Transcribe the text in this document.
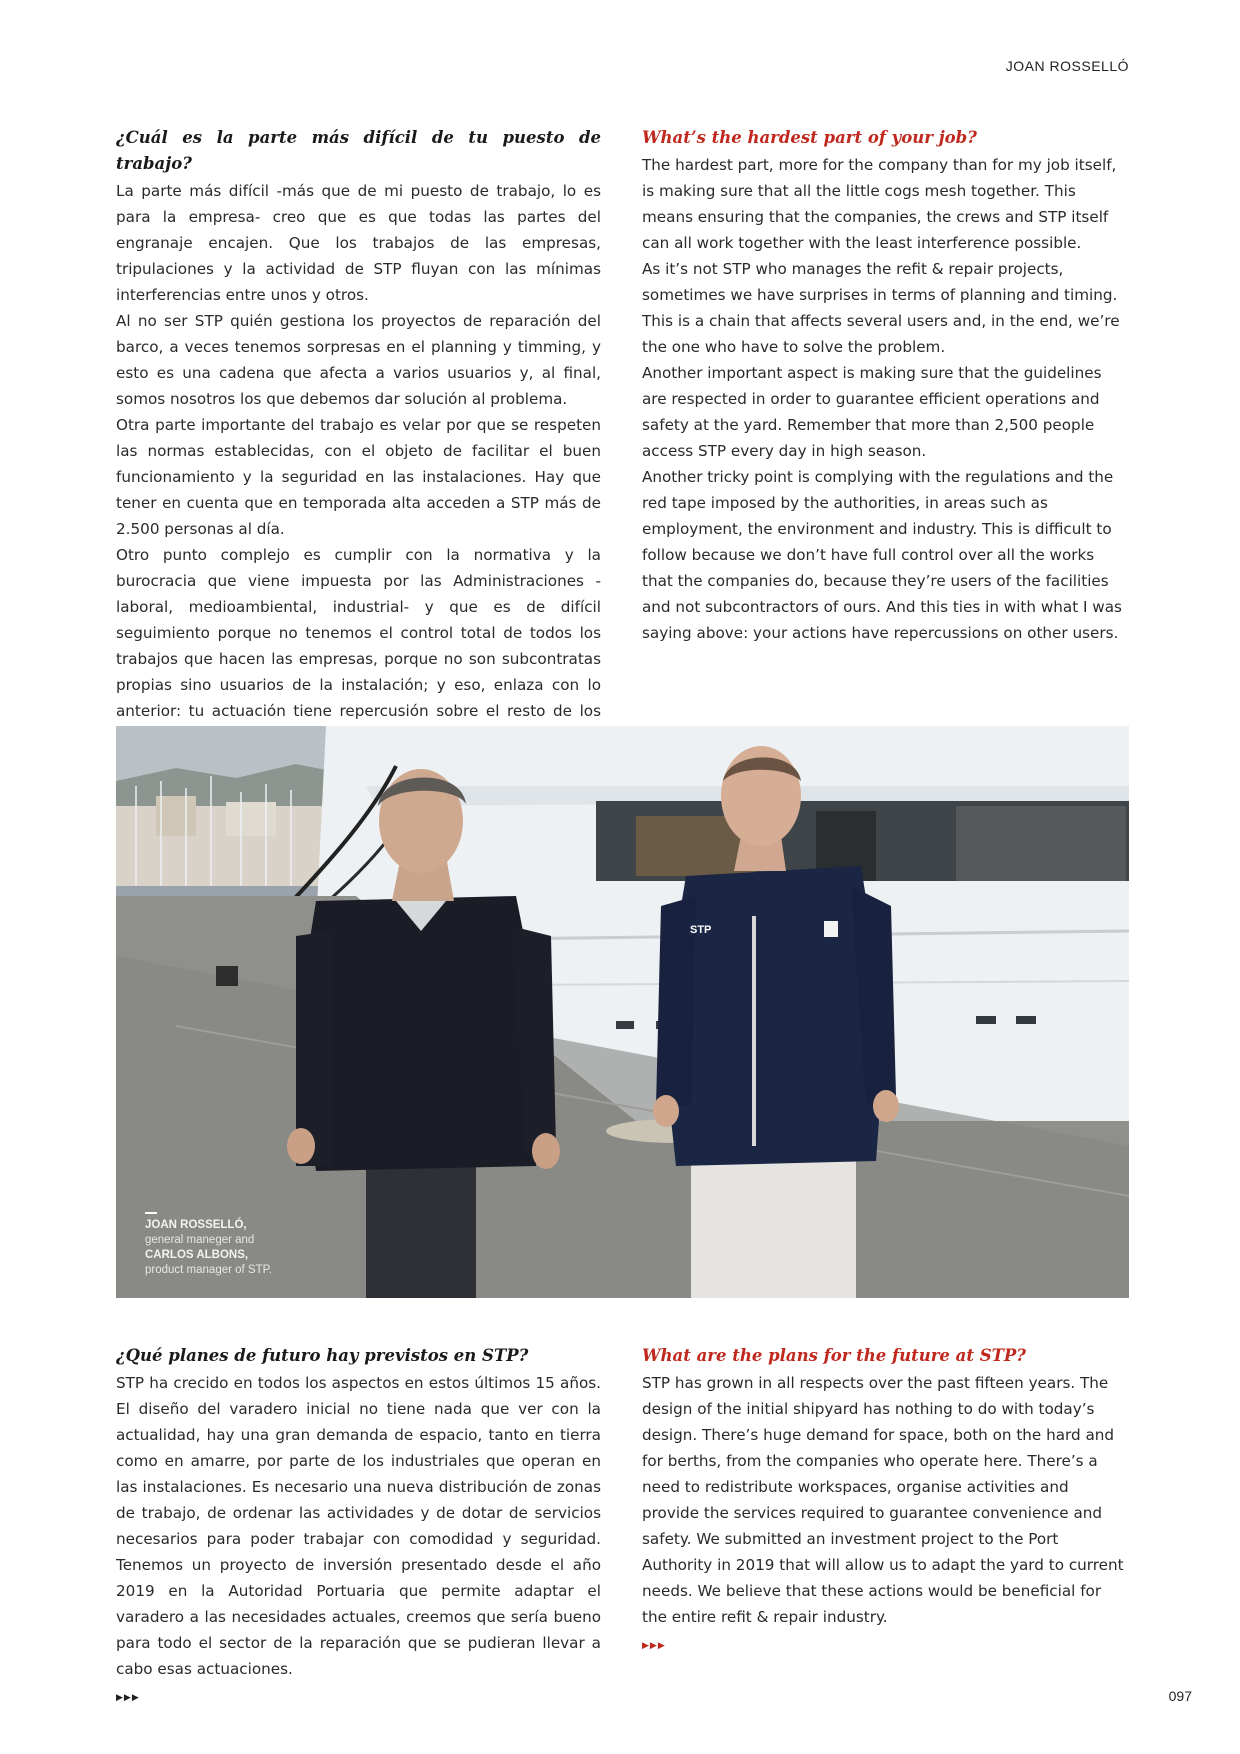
JOAN ROSSELLÓ
¿Cuál es la parte más difícil de tu puesto de trabajo?

La parte más difícil -más que de mi puesto de trabajo, lo es para la empresa- creo que es que todas las partes del engranaje encajen. Que los trabajos de las empresas, tripulaciones y la actividad de STP fluyan con las mínimas interferencias entre unos y otros.

Al no ser STP quién gestiona los proyectos de reparación del barco, a veces tenemos sorpresas en el planning y timming, y esto es una cadena que afecta a varios usuarios y, al final, somos nosotros los que debemos dar solución al problema.

Otra parte importante del trabajo es velar por que se respeten las normas establecidas, con el objeto de facilitar el buen funcionamiento y la seguridad en las instalaciones. Hay que tener en cuenta que en temporada alta acceden a STP más de 2.500 personas al día.

Otro punto complejo es cumplir con la normativa y la burocracia que viene impuesta por las Administraciones -laboral, medioambiental, industrial- y que es de difícil seguimiento porque no tenemos el control total de todos los trabajos que hacen las empresas, porque no son subcontratas propias sino usuarios de la instalación; y eso, enlaza con lo anterior: tu actuación tiene repercusión sobre el resto de los

What’s the hardest part of your job?

The hardest part, more for the company than for my job itself, is making sure that all the little cogs mesh together. This means ensuring that the companies, the crews and STP itself can all work together with the least interference possible.

As it’s not STP who manages the refit & repair projects, sometimes we have surprises in terms of planning and timing. This is a chain that affects several users and, in the end, we’re the one who have to solve the problem.

Another important aspect is making sure that the guidelines are respected in order to guarantee efficient operations and safety at the yard. Remember that more than 2,500 people access STP every day in high season.

Another tricky point is complying with the regulations and the red tape imposed by the authorities, in areas such as employment, the environment and industry. This is difficult to follow because we don’t have full control over all the works that the companies do, because they’re users of the facilities and not subcontractors of ours. And this ties in with what I was saying above: your actions have repercussions on other users.

STP
JOAN ROSSELLÓ,
general maneger and
CARLOS ALBONS,
product manager of STP.
¿Qué planes de futuro hay previstos en STP?

STP ha crecido en todos los aspectos en estos últimos 15 años. El diseño del varadero inicial no tiene nada que ver con la actualidad, hay una gran demanda de espacio, tanto en tierra como en amarre, por parte de los industriales que operan en las instalaciones. Es necesario una nueva distribución de zonas de trabajo, de ordenar las actividades y de dotar de servicios necesarios para poder trabajar con comodidad y seguridad. Tenemos un proyecto de inversión presentado desde el año 2019 en la Autoridad Portuaria que permite adaptar el varadero a las necesidades actuales, creemos que sería bueno para todo el sector de la reparación que se pudieran llevar a cabo esas actuaciones.

▶▶▶
What are the plans for the future at STP?

STP has grown in all respects over the past fifteen years. The design of the initial shipyard has nothing to do with today’s design. There’s huge demand for space, both on the hard and for berths, from the companies who operate here. There’s a need to redistribute workspaces, organise activities and provide the services required to guarantee convenience and safety. We submitted an investment project to the Port Authority in 2019 that will allow us to adapt the yard to current needs. We believe that these actions would be beneficial for the entire refit & repair industry.

▶▶▶
097
